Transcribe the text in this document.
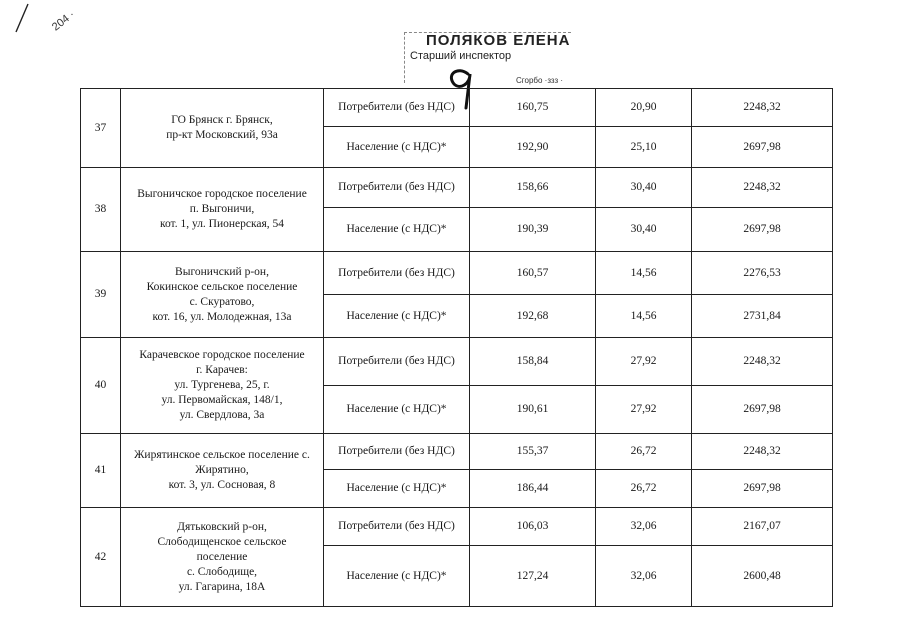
204 ·
ПОЛЯКОВ ЕЛЕНА
Старший инспектор
Сгорбо ·ззз ·
37	ГО Брянск г. Брянск,
пр-кт Московский, 93а	Потребители (без НДС)	160,75	20,90	2248,32
		Население (с НДС)*	192,90	25,10	2697,98
38	Выгоничское городское поселение
п. Выгоничи,
кот. 1, ул. Пионерская, 54	Потребители (без НДС)	158,66	30,40	2248,32
		Население (с НДС)*	190,39	30,40	2697,98
39	Выгоничский р-он,
Кокинское сельское поселение
с. Скуратово,
кот. 16, ул. Молодежная, 13а	Потребители (без НДС)	160,57	14,56	2276,53
		Население (с НДС)*	192,68	14,56	2731,84
40	Карачевское городское поселение
г. Карачев:
ул. Тургенева, 25, г.
ул. Первомайская, 148/1,
ул. Свердлова, 3а	Потребители (без НДС)	158,84	27,92	2248,32
		Население (с НДС)*	190,61	27,92	2697,98
41	Жирятинское сельское поселение с.
Жирятино,
кот. 3, ул. Сосновая, 8	Потребители (без НДС)	155,37	26,72	2248,32
		Население (с НДС)*	186,44	26,72	2697,98
42	Дятьковский р-он,
Слободищенское сельское
поселение
с. Слободище,
ул. Гагарина, 18А	Потребители (без НДС)	106,03	32,06	2167,07
		Население (с НДС)*	127,24	32,06	2600,48
